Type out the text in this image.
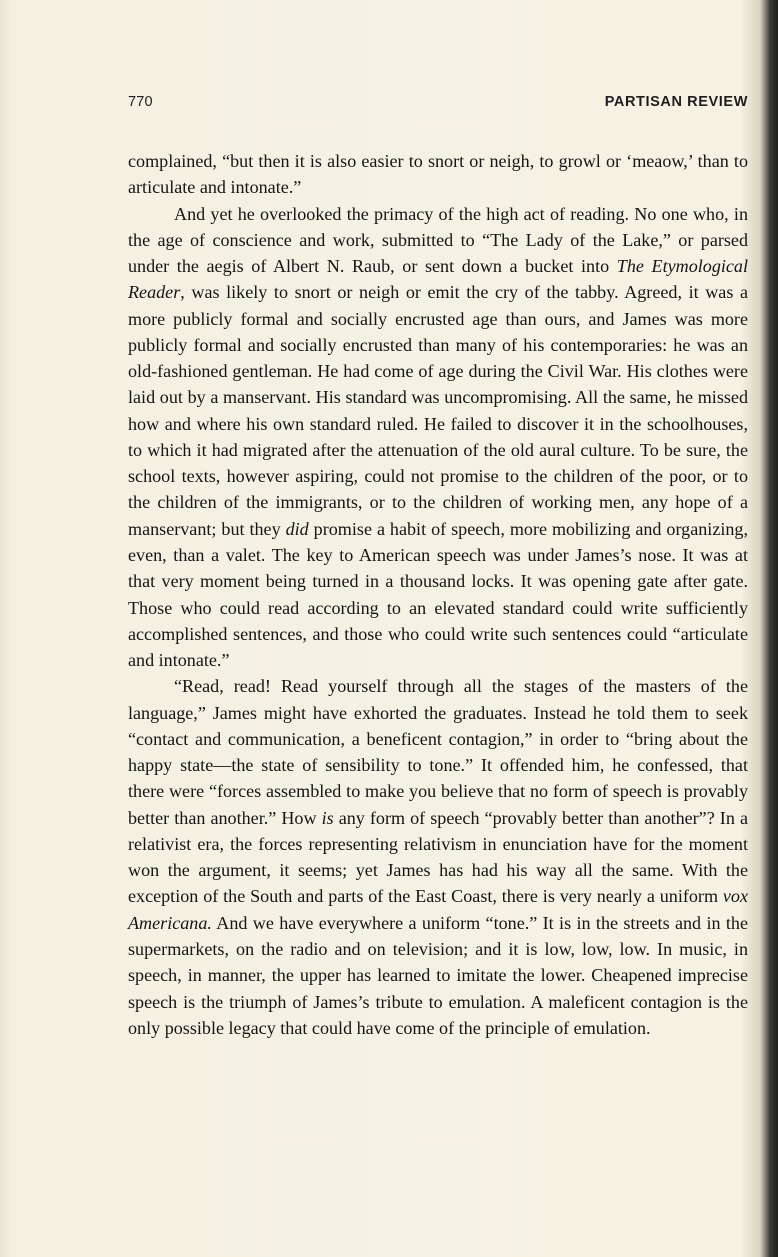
770	PARTISAN REVIEW

complained, “but then it is also easier to snort or neigh, to growl or ‘meaow,’ than to articulate and intonate.”

And yet he overlooked the primacy of the high act of reading. No one who, in the age of conscience and work, submitted to “The Lady of the Lake,” or parsed under the aegis of Albert N. Raub, or sent down a bucket into The Etymological Reader, was likely to snort or neigh or emit the cry of the tabby. Agreed, it was a more publicly formal and socially encrusted age than ours, and James was more publicly formal and socially encrusted than many of his contemporaries: he was an old-fashioned gentleman. He had come of age during the Civil War. His clothes were laid out by a manservant. His standard was uncompromising. All the same, he missed how and where his own standard ruled. He failed to discover it in the schoolhouses, to which it had migrated after the attenuation of the old aural culture. To be sure, the school texts, however aspiring, could not promise to the children of the poor, or to the children of the immigrants, or to the children of working men, any hope of a manservant; but they did promise a habit of speech, more mobilizing and organizing, even, than a valet. The key to American speech was under James’s nose. It was at that very moment being turned in a thousand locks. It was opening gate after gate. Those who could read according to an elevated standard could write sufficiently accomplished sentences, and those who could write such sentences could “articulate and intonate.”

“Read, read! Read yourself through all the stages of the masters of the language,” James might have exhorted the graduates. Instead he told them to seek “contact and communication, a beneficent contagion,” in order to “bring about the happy state—the state of sensibility to tone.” It offended him, he confessed, that there were “forces assembled to make you believe that no form of speech is provably better than another.” How is any form of speech “provably better than another”? In a relativist era, the forces representing relativism in enunciation have for the moment won the argument, it seems; yet James has had his way all the same. With the exception of the South and parts of the East Coast, there is very nearly a uniform vox Americana. And we have everywhere a uniform “tone.” It is in the streets and in the supermarkets, on the radio and on television; and it is low, low, low. In music, in speech, in manner, the upper has learned to imitate the lower. Cheapened imprecise speech is the triumph of James’s tribute to emulation. A maleficent contagion is the only possible legacy that could have come of the principle of emulation.
